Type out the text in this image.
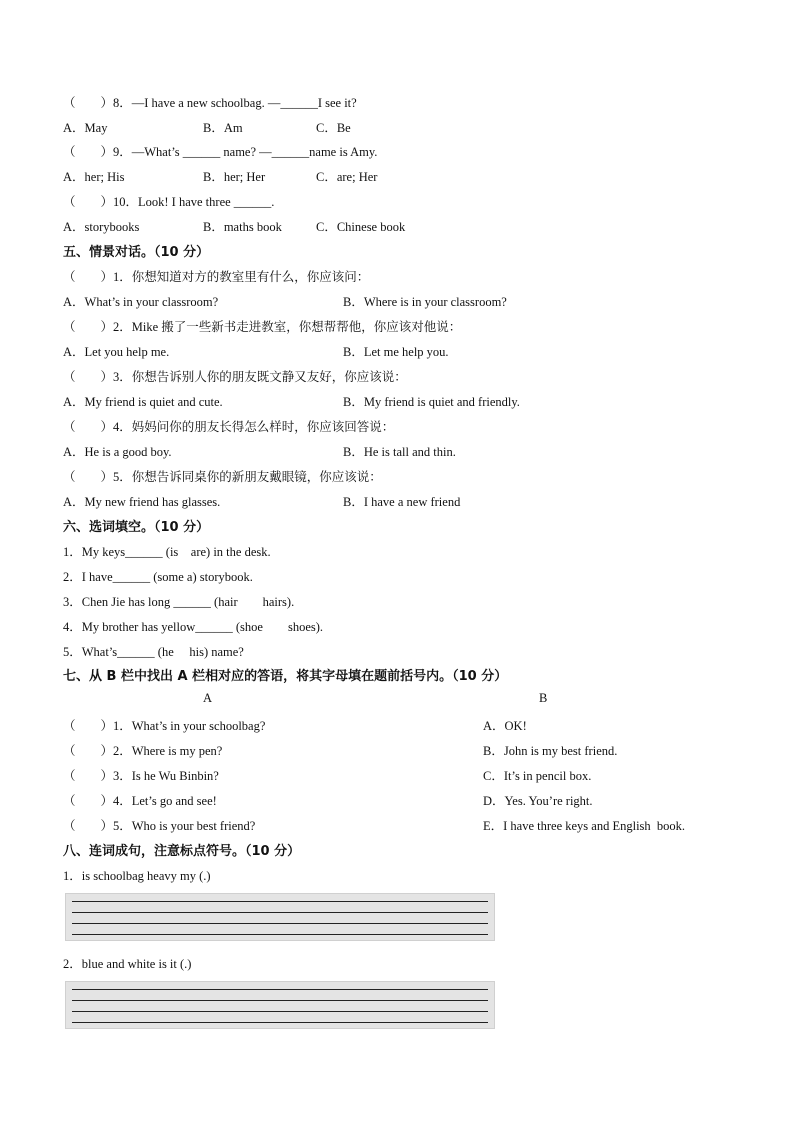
（　　）8．—I have a new schoolbag. —______I see it?
A．May	B．Am	C．Be
（　　）9．—What’s ______ name? —______name is Amy.
A．her; His	B．her; Her	C．are; Her
（　　）10．Look! I have three ______.
A．storybooks	B．maths book	C．Chinese book
五、情景对话。（10 分）
（　　）1．你想知道对方的教室里有什么，你应该问：
A．What’s in your classroom?	B．Where is in your classroom?
（　　）2．Mike 搬了一些新书走进教室，你想帮帮他，你应该对他说：
A．Let you help me.	B．Let me help you.
（　　）3．你想告诉别人你的朋友既文静又友好，你应该说：
A．My friend is quiet and cute.	B．My friend is quiet and friendly.
（　　）4．妈妈问你的朋友长得怎么样时，你应该回答说：
A．He is a good boy.	B．He is tall and thin.
（　　）5．你想告诉同桌你的新朋友戴眼镜，你应该说：
A．My new friend has glasses.	B．I have a new friend
六、选词填空。（10 分）
1．My keys______ (is　are) in the desk.
2．I have______ (some a) storybook.
3．Chen Jie has long ______ (hair　　hairs).
4．My brother has yellow______ (shoe　　shoes).
5．What’s______ (he　 his) name?
七、从 B 栏中找出 A 栏相对应的答语，将其字母填在题前括号内。（10 分）
A	B
（　　）1．What’s in your schoolbag?	A．OK!
（　　）2．Where is my pen?	B．John is my best friend.
（　　）3．Is he Wu Binbin?	C．It’s in pencil box.
（　　）4．Let’s go and see!	D．Yes. You’re right.
（　　）5．Who is your best friend?	E．I have three keys and English  book.
八、连词成句，注意标点符号。（10 分）
1．is schoolbag heavy my (.)
2．blue and white is it (.)
